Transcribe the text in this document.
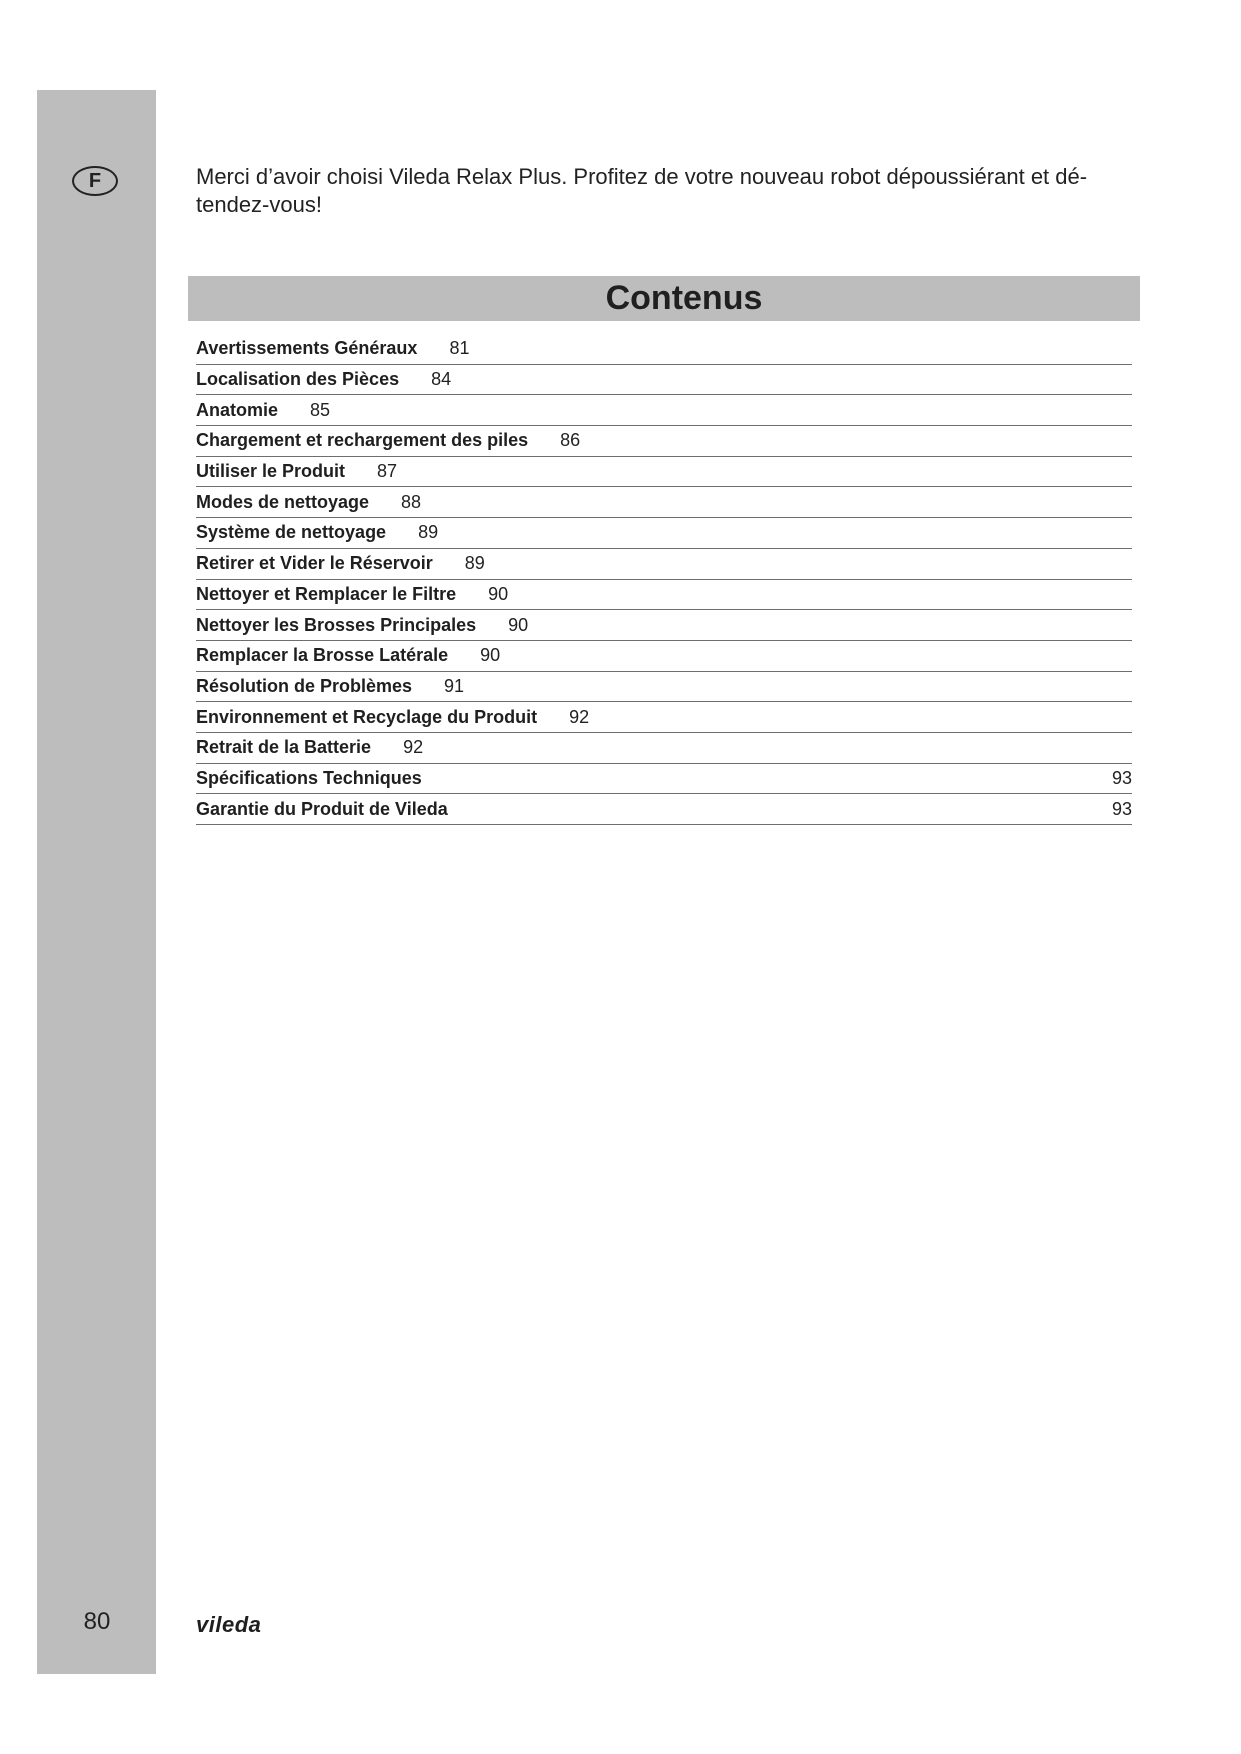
F
80

Merci d’avoir choisi Vileda Relax Plus. Profitez de votre nouveau robot dépoussiérant et dé-tendez-vous!

Contenus
Avertissements Généraux 81
Localisation des Pièces 84
Anatomie 85
Chargement et rechargement des piles 86
Utiliser le Produit 87
Modes de nettoyage 88
Système de nettoyage 89
Retirer et Vider le Réservoir 89
Nettoyer et Remplacer le Filtre 90
Nettoyer les Brosses Principales 90
Remplacer la Brosse Latérale 90
Résolution de Problèmes 91
Environnement et Recyclage du Produit 92
Retrait de la Batterie 92
Spécifications Techniques	93
Garantie du Produit de Vileda	93
vileda
